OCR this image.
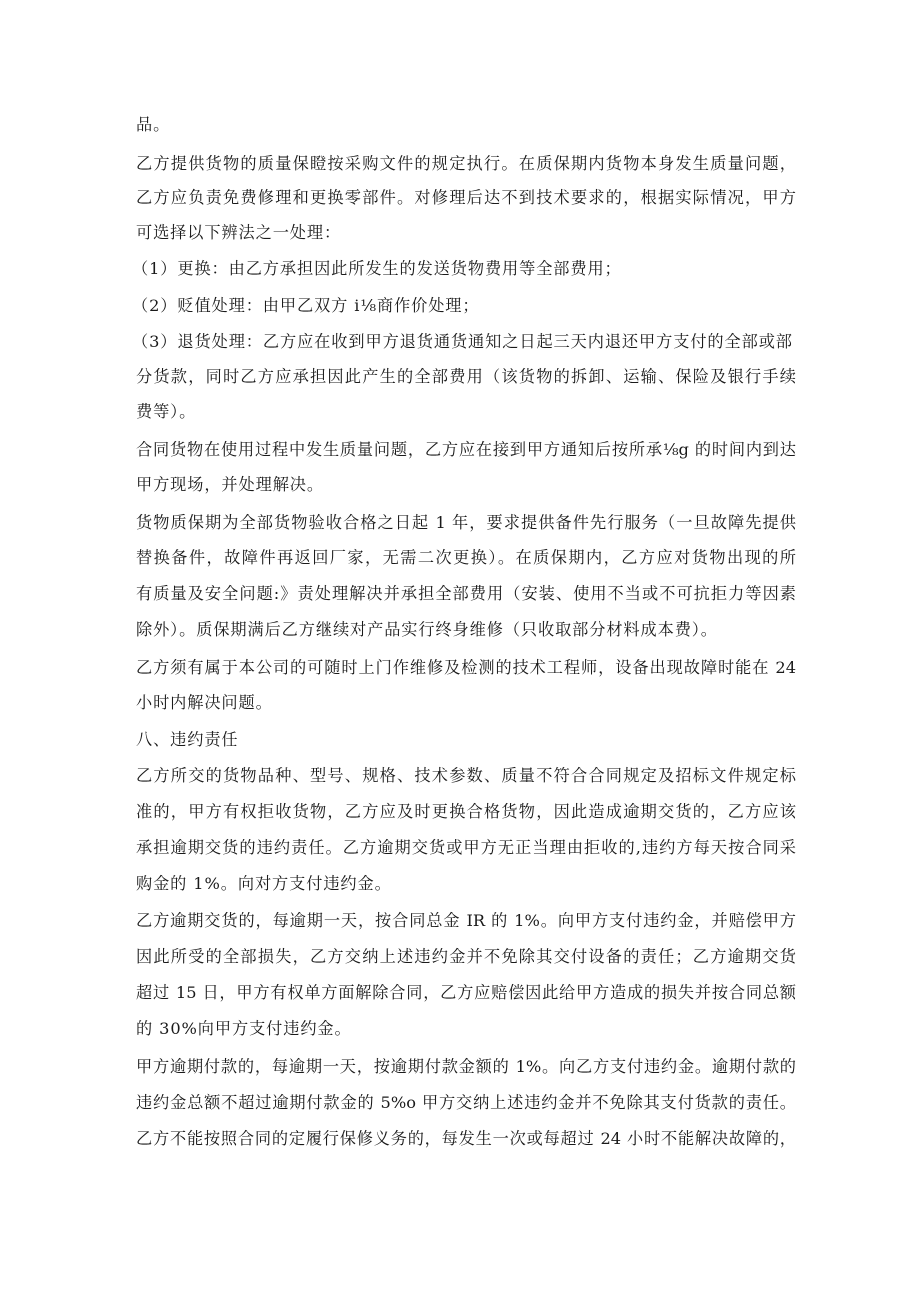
品。
乙方提供货物的质量保瞪按采购文件的规定执行。在质保期内货物本身发生质量问题，
乙方应负责免费修理和更换零部件。对修理后达不到技术要求的，根据实际情况，甲方
可选择以下辨法之一处理：
（1）更换：由乙方承担因此所发生的发送货物费用等全部费用；
（2）贬值处理：由甲乙双方 i⅛商作价处理；
（3）退货处理：乙方应在收到甲方退货通货通知之日起三天内退还甲方支付的全部或部
分货款，同时乙方应承担因此产生的全部费用（该货物的拆卸、运输、保险及银行手续
费等）。
合同货物在使用过程中发生质量问题，乙方应在接到甲方通知后按所承⅛g 的时间内到达
甲方现场，并处理解决。
货物质保期为全部货物验收合格之日起 1 年，要求提供备件先行服务（一旦故障先提供
替换备件，故障件再返回厂家，无需二次更换）。在质保期内，乙方应对货物出现的所
有质量及安全问题:》责处理解决并承担全部费用（安装、使用不当或不可抗拒力等因素
除外）。质保期满后乙方继续对产品实行终身维修（只收取部分材料成本费）。
乙方须有属于本公司的可随时上门作维修及检测的技术工程师，设备出现故障时能在 24
小时内解决问题。
八、违约责任
乙方所交的货物品种、型号、规格、技术参数、质量不符合合同规定及招标文件规定标
准的，甲方有权拒收货物，乙方应及时更换合格货物，因此造成逾期交货的，乙方应该
承担逾期交货的违约责任。乙方逾期交货或甲方无正当理由拒收的,违约方每天按合同采
购金的 1%。向对方支付违约金。
乙方逾期交货的，每逾期一天，按合同总金 IR 的 1%。向甲方支付违约金，并赔偿甲方
因此所受的全部损失，乙方交纳上述违约金并不免除其交付设备的责任；乙方逾期交货
超过 15 日，甲方有权单方面解除合同，乙方应赔偿因此给甲方造成的损失并按合同总额
的 30%向甲方支付违约金。
甲方逾期付款的，每逾期一天，按逾期付款金额的 1%。向乙方支付违约金。逾期付款的
违约金总额不超过逾期付款金的 5%o 甲方交纳上述违约金并不免除其支付货款的责任。
乙方不能按照合同的定履行保修义务的，每发生一次或每超过 24 小时不能解决故障的，
